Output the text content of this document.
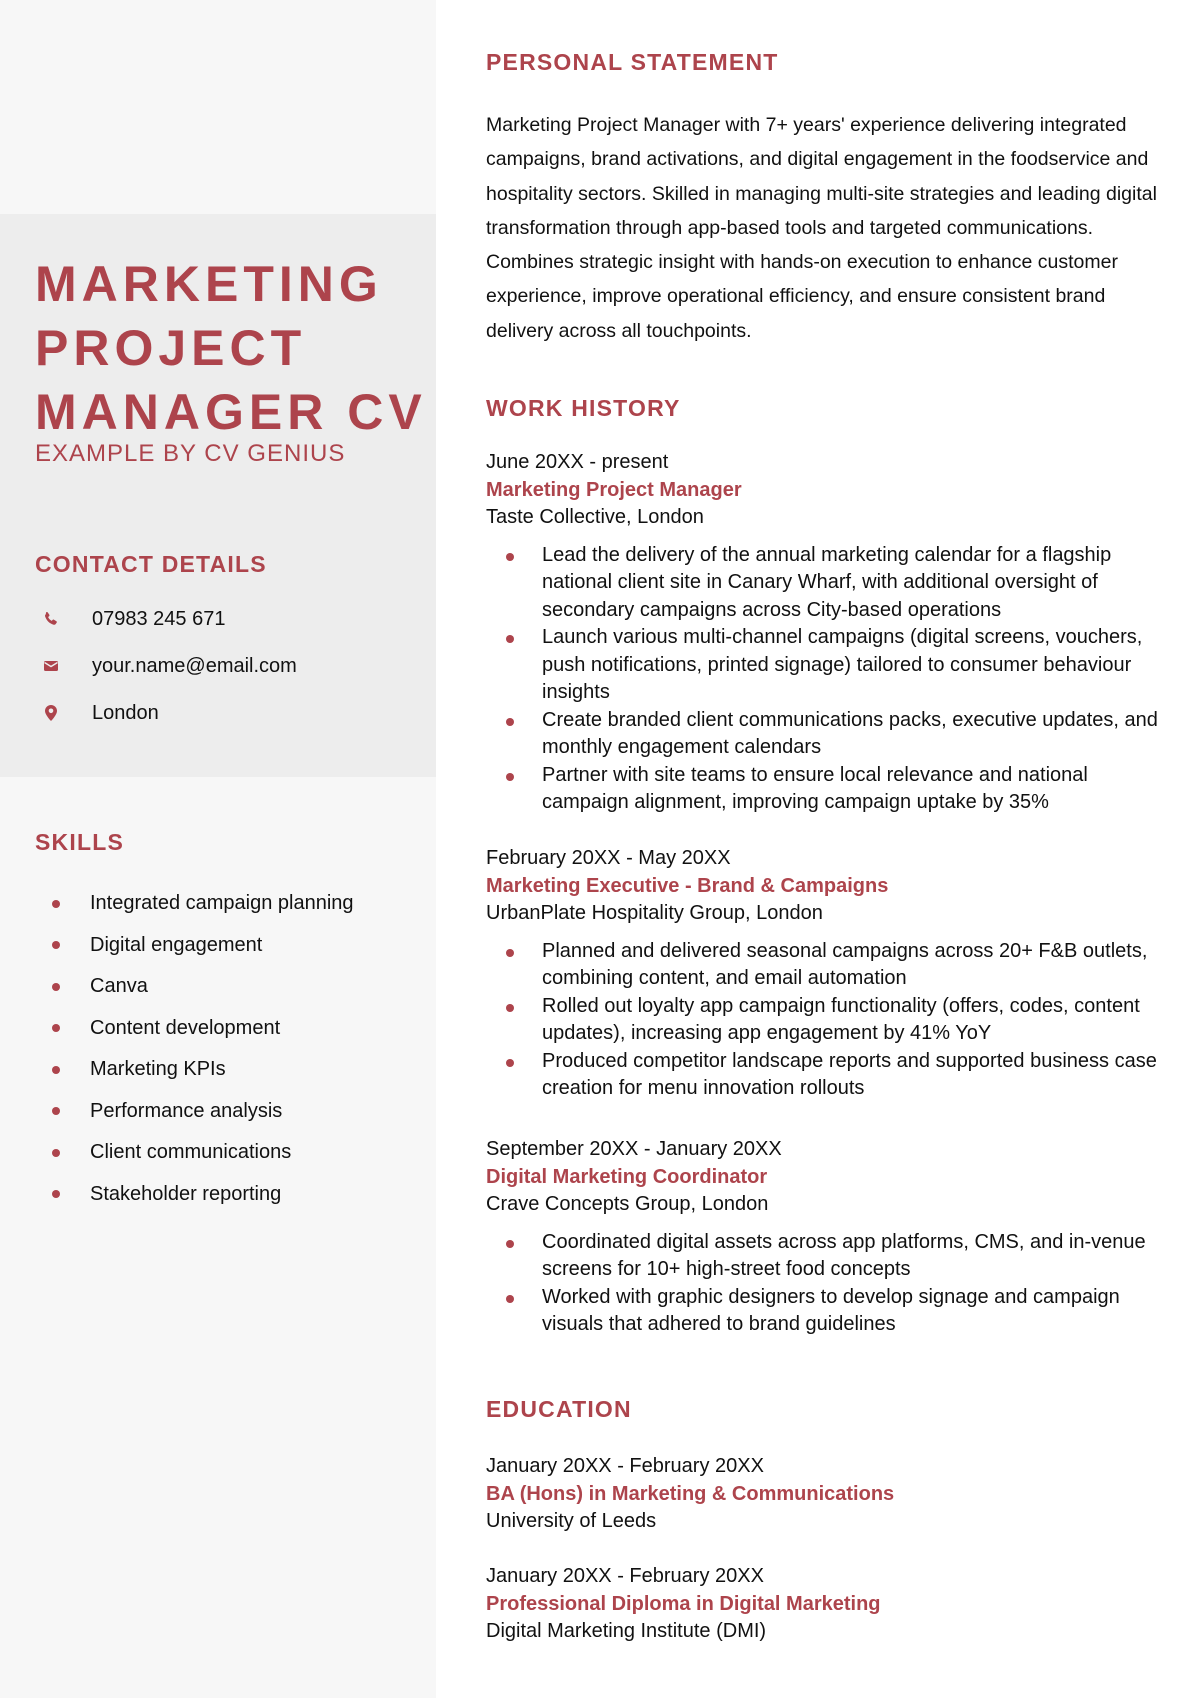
MARKETING
PROJECT
MANAGER CV
EXAMPLE BY CV GENIUS
CONTACT DETAILS
07983 245 671
your.name@email.com
London
SKILLS
Integrated campaign planning
Digital engagement
Canva
Content development
Marketing KPIs
Performance analysis
Client communications
Stakeholder reporting
PERSONAL STATEMENT

Marketing Project Manager with 7+ years' experience delivering integrated campaigns, brand activations, and digital engagement in the foodservice and hospitality sectors. Skilled in managing multi-site strategies and leading digital transformation through app-based tools and targeted communications. Combines strategic insight with hands-on execution to enhance customer experience, improve operational efficiency, and ensure consistent brand delivery across all touchpoints.

WORK HISTORY
June 20XX - present
Marketing Project Manager
Taste Collective, London
Lead the delivery of the annual marketing calendar for a flagship national client site in Canary Wharf, with additional oversight of secondary campaigns across City-based operations
Launch various multi-channel campaigns (digital screens, vouchers, push notifications, printed signage) tailored to consumer behaviour insights
Create branded client communications packs, executive updates, and monthly engagement calendars
Partner with site teams to ensure local relevance and national campaign alignment, improving campaign uptake by 35%
February 20XX - May 20XX
Marketing Executive - Brand & Campaigns
UrbanPlate Hospitality Group, London
Planned and delivered seasonal campaigns across 20+ F&B outlets, combining content, and email automation
Rolled out loyalty app campaign functionality (offers, codes, content updates), increasing app engagement by 41% YoY
Produced competitor landscape reports and supported business case creation for menu innovation rollouts
September 20XX - January 20XX
Digital Marketing Coordinator
Crave Concepts Group, London
Coordinated digital assets across app platforms, CMS, and in-venue screens for 10+ high-street food concepts
Worked with graphic designers to develop signage and campaign visuals that adhered to brand guidelines
EDUCATION
January 20XX - February 20XX
BA (Hons) in Marketing & Communications
University of Leeds
January 20XX - February 20XX
Professional Diploma in Digital Marketing
Digital Marketing Institute (DMI)
